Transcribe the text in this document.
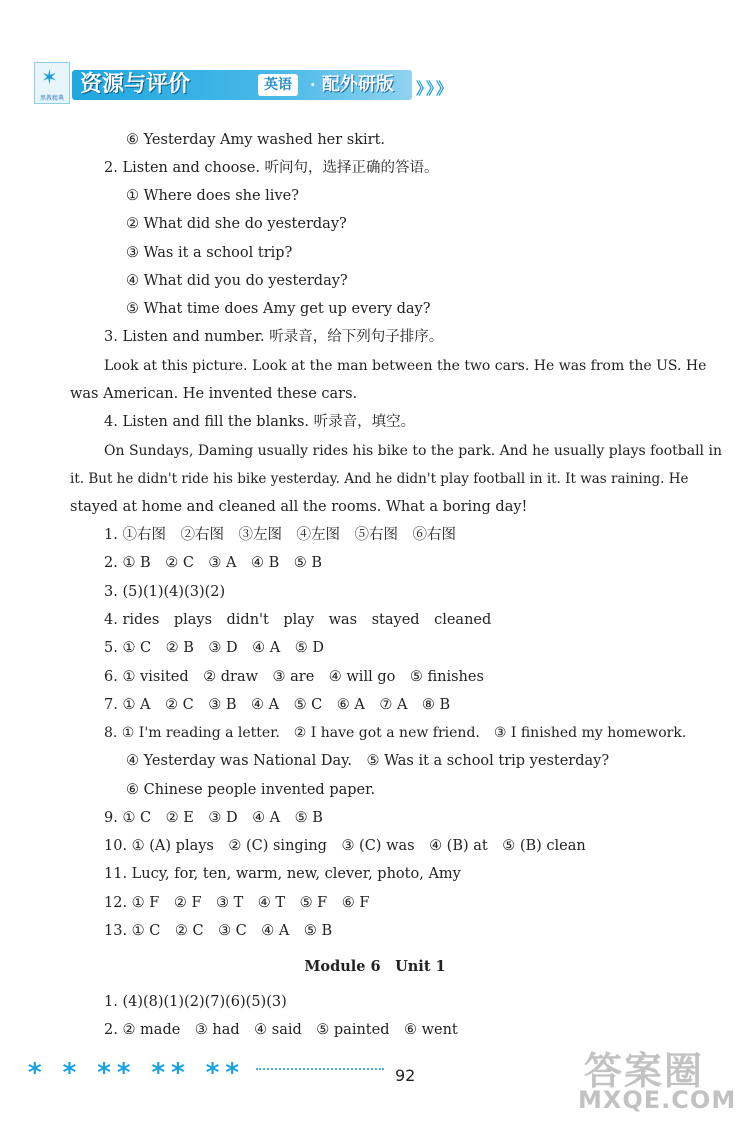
✶
黑教精典
资源与评价	英语	· 配外研版 》》》
⑥ Yesterday Amy washed her skirt.
2. Listen and choose. 听问句，选择正确的答语。
① Where does she live?
② What did she do yesterday?
③ Was it a school trip?
④ What did you do yesterday?
⑤ What time does Amy get up every day?
3. Listen and number. 听录音，给下列句子排序。
Look at this picture. Look at the man between the two cars. He was from the US. He
was American. He invented these cars.
4. Listen and fill the blanks. 听录音，填空。
On Sundays, Daming usually rides his bike to the park. And he usually plays football in
it. But he didn't ride his bike yesterday. And he didn't play football in it. It was raining. He
stayed at home and cleaned all the rooms. What a boring day!
1. ①右图　②右图　③左图　④左图　⑤右图　⑥右图
2. ① B　② C　③ A　④ B　⑤ B
3. (5)(1)(4)(3)(2)
4. rides　plays　didn't　play　was　stayed　cleaned
5. ① C　② B　③ D　④ A　⑤ D
6. ① visited　② draw　③ are　④ will go　⑤ finishes
7. ① A　② C　③ B　④ A　⑤ C　⑥ A　⑦ A　⑧ B
8. ① I'm reading a letter.　② I have got a new friend.　③ I finished my homework.
④ Yesterday was National Day.　⑤ Was it a school trip yesterday?
⑥ Chinese people invented paper.
9. ① C　② E　③ D　④ A　⑤ B
10. ① (A) plays　② (C) singing　③ (C) was　④ (B) at　⑤ (B) clean
11. Lucy, for, ten, warm, new, clever, photo, Amy
12. ① F　② F　③ T　④ T　⑤ F　⑥ F
13. ① C　② C　③ C　④ A　⑤ B
Module 6　Unit 1
1. (4)(8)(1)(2)(7)(6)(5)(3)
2. ② made　③ had　④ said　⑤ painted　⑥ went
* * ** ** **	92	答案圈
MXQE.COM
